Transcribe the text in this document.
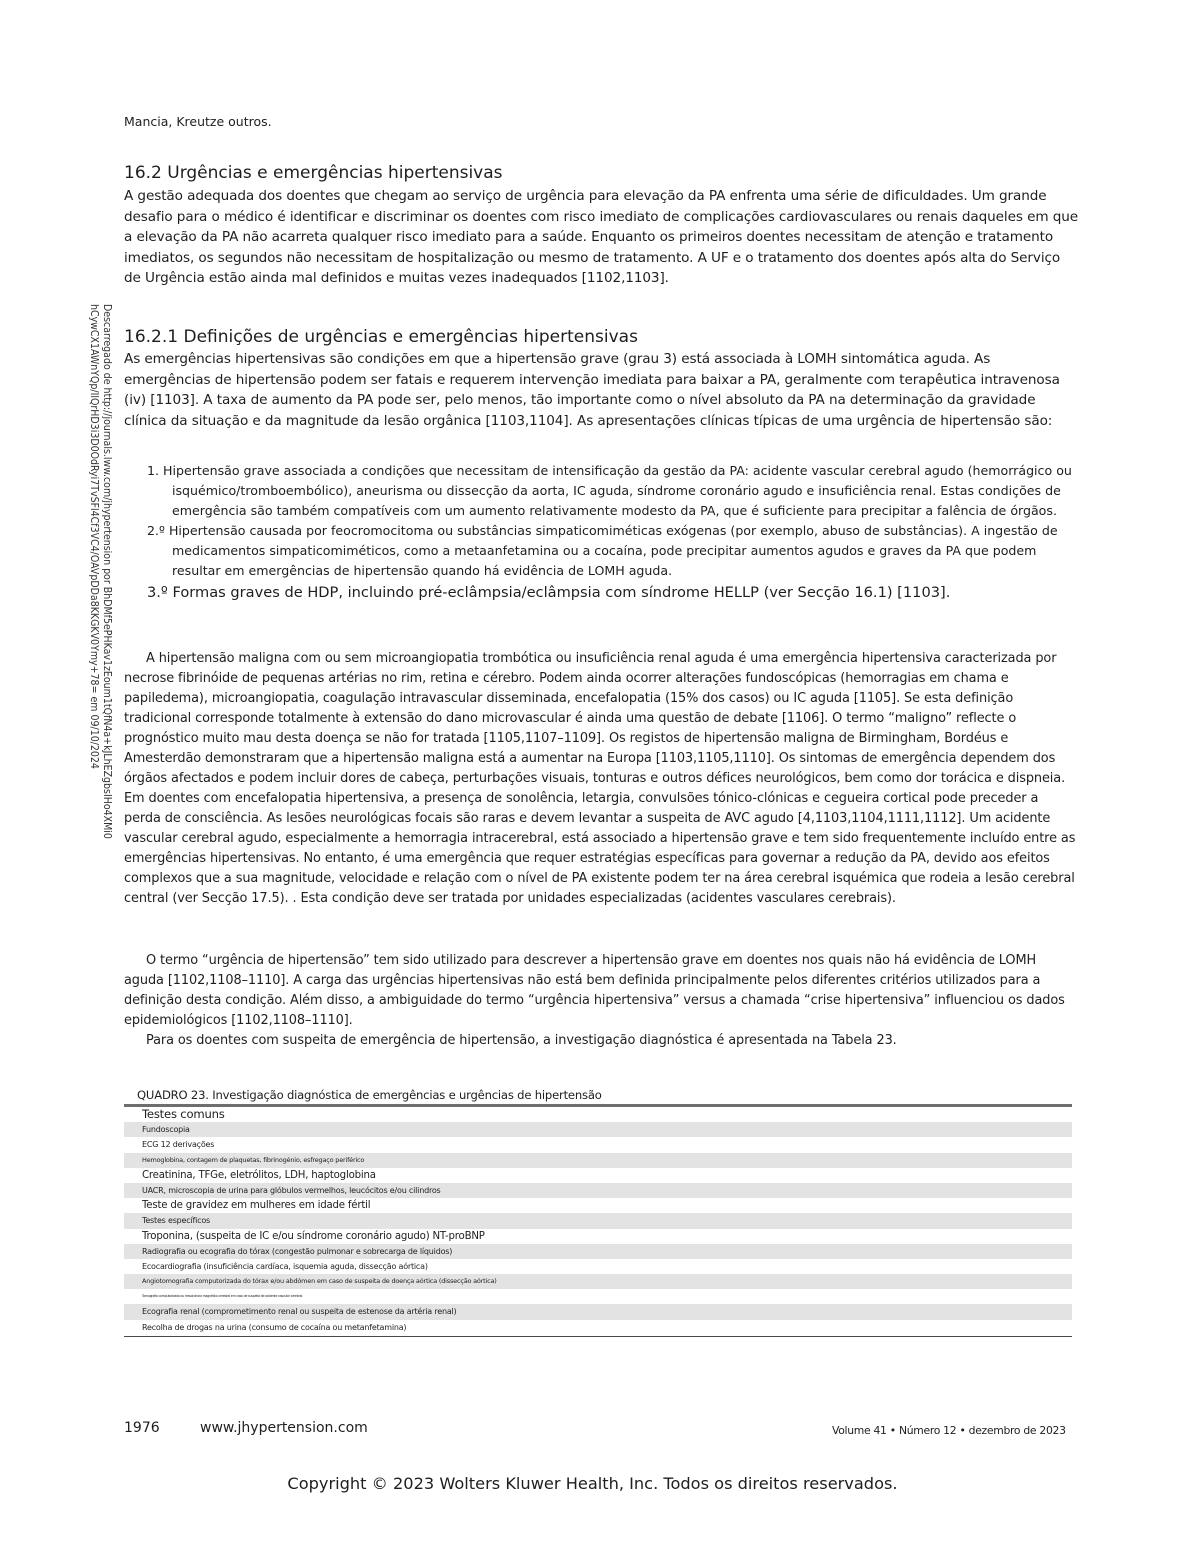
Descarregado de http://journals.lww.com/jhypertension por BhDMf5ePHKav1zEoum1tQfN4a+kJLhEZgbsIHo4XMi0
hCywCX1AWnYQp/IlQrHD3i3D0OdRyi7TvSFl4Cf3VC4/OAVpDDa8KKGKV0Ymy+78= em 09/10/2024
Mancia, Kreutze outros.
16.2 Urgências e emergências hipertensivas
A gestão adequada dos doentes que chegam ao serviço de urgência para elevação da PA enfrenta uma série de dificuldades. Um grande desafio para o médico é identificar e discriminar os doentes com risco imediato de complicações cardiovasculares ou renais daqueles em que a elevação da PA não acarreta qualquer risco imediato para a saúde. Enquanto os primeiros doentes necessitam de atenção e tratamento imediatos, os segundos não necessitam de hospitalização ou mesmo de tratamento. A UF e o tratamento dos doentes após alta do Serviço de Urgência estão ainda mal definidos e muitas vezes inadequados [1102,1103].
16.2.1 Definições de urgências e emergências hipertensivas
As emergências hipertensivas são condições em que a hipertensão grave (grau 3) está associada à LOMH sintomática aguda. As emergências de hipertensão podem ser fatais e requerem intervenção imediata para baixar a PA, geralmente com terapêutica intravenosa (iv) [1103]. A taxa de aumento da PA pode ser, pelo menos, tão importante como o nível absoluto da PA na determinação da gravidade clínica da situação e da magnitude da lesão orgânica [1103,1104]. As apresentações clínicas típicas de uma urgência de hipertensão são:
1. Hipertensão grave associada a condições que necessitam de intensificação da gestão da PA: acidente vascular cerebral agudo (hemorrágico ou isquémico/tromboembólico), aneurisma ou dissecção da aorta, IC aguda, síndrome coronário agudo e insuficiência renal. Estas condições de emergência são também compatíveis com um aumento relativamente modesto da PA, que é suficiente para precipitar a falência de órgãos.
2.º Hipertensão causada por feocromocitoma ou substâncias simpaticomiméticas exógenas (por exemplo, abuso de substâncias). A ingestão de medicamentos simpaticomiméticos, como a metaanfetamina ou a cocaína, pode precipitar aumentos agudos e graves da PA que podem resultar em emergências de hipertensão quando há evidência de LOMH aguda.
3.º Formas graves de HDP, incluindo pré-eclâmpsia/eclâmpsia com síndrome HELLP (ver Secção 16.1) [1103].
A hipertensão maligna com ou sem microangiopatia trombótica ou insuficiência renal aguda é uma emergência hipertensiva caracterizada por necrose fibrinóide de pequenas artérias no rim, retina e cérebro. Podem ainda ocorrer alterações fundoscópicas (hemorragias em chama e papiledema), microangiopatia, coagulação intravascular disseminada, encefalopatia (15% dos casos) ou IC aguda [1105]. Se esta definição tradicional corresponde totalmente à extensão do dano microvascular é ainda uma questão de debate [1106]. O termo “maligno” reflecte o prognóstico muito mau desta doença se não for tratada [1105,1107–1109]. Os registos de hipertensão maligna de Birmingham, Bordéus e Amesterdão demonstraram que a hipertensão maligna está a aumentar na Europa [1103,1105,1110]. Os sintomas de emergência dependem dos órgãos afectados e podem incluir dores de cabeça, perturbações visuais, tonturas e outros défices neurológicos, bem como dor torácica e dispneia. Em doentes com encefalopatia hipertensiva, a presença de sonolência, letargia, convulsões tónico-clónicas e cegueira cortical pode preceder a perda de consciência. As lesões neurológicas focais são raras e devem levantar a suspeita de AVC agudo [4,1103,1104,1111,1112]. Um acidente vascular cerebral agudo, especialmente a hemorragia intracerebral, está associado a hipertensão grave e tem sido frequentemente incluído entre as emergências hipertensivas. No entanto, é uma emergência que requer estratégias específicas para governar a redução da PA, devido aos efeitos complexos que a sua magnitude, velocidade e relação com o nível de PA existente podem ter na área cerebral isquémica que rodeia a lesão cerebral central (ver Secção 17.5). . Esta condição deve ser tratada por unidades especializadas (acidentes vasculares cerebrais).
O termo “urgência de hipertensão” tem sido utilizado para descrever a hipertensão grave em doentes nos quais não há evidência de LOMH aguda [1102,1108–1110]. A carga das urgências hipertensivas não está bem definida principalmente pelos diferentes critérios utilizados para a definição desta condição. Além disso, a ambiguidade do termo “urgência hipertensiva” versus a chamada “crise hipertensiva” influenciou os dados epidemiológicos [1102,1108–1110].
Para os doentes com suspeita de emergência de hipertensão, a investigação diagnóstica é apresentada na Tabela 23.
QUADRO 23. Investigação diagnóstica de emergências e urgências de hipertensão
Testes comuns
Fundoscopia
ECG 12 derivações
Hemoglobina, contagem de plaquetas, fibrinogénio, esfregaço periférico
Creatinina, TFGe, eletrólitos, LDH, haptoglobina
UACR, microscopia de urina para glóbulos vermelhos, leucócitos e/ou cilindros
Teste de gravidez em mulheres em idade fértil
Testes específicos
Troponina, (suspeita de IC e/ou síndrome coronário agudo) NT-proBNP
Radiografia ou ecografia do tórax (congestão pulmonar e sobrecarga de líquidos)
Ecocardiografia (insuficiência cardíaca, isquemia aguda, dissecção aórtica)
Angiotomografia computorizada do tórax e/ou abdómen em caso de suspeita de doença aórtica (dissecção aórtica)
Tomografia computorizada ou ressonância magnética cerebral em caso de suspeita de acidente vascular cerebral
Ecografia renal (comprometimento renal ou suspeita de estenose da artéria renal)
Recolha de drogas na urina (consumo de cocaína ou metanfetamina)
1976	www.jhypertension.com	Volume 41 • Número 12 • dezembro de 2023
Copyright © 2023 Wolters Kluwer Health, Inc. Todos os direitos reservados.
